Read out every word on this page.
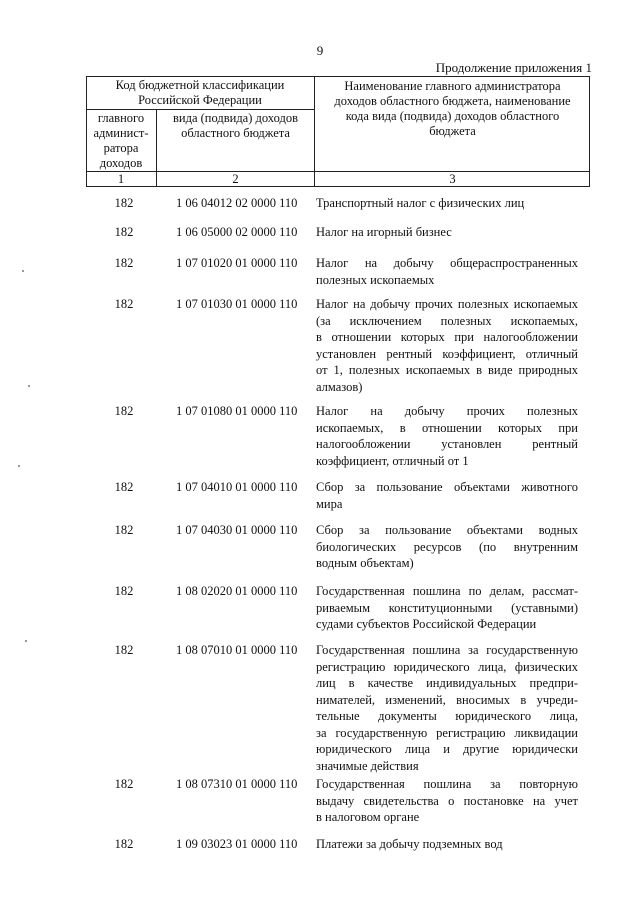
9
Продолжение приложения 1
Код бюджетной классификации
Российской Федерации
главного
админист-
ратора
доходов
вида (подвида) доходов
областного бюджета
Наименование главного администратора
доходов областного бюджета, наименование
кода вида (подвида) доходов областного
бюджета
1	2	3
182	1 06 04012 02 0000 110	Транспортный налог с физических лиц
182	1 06 05000 02 0000 110	Налог на игорный бизнес
182	1 07 01020 01 0000 110	Налог на добычу общераспространенных
полезных ископаемых
182	1 07 01030 01 0000 110	Налог на добычу прочих полезных ископаемых
(за исключением полезных ископаемых,
в отношении которых при налогообложении
установлен рентный коэффициент, отличный
от 1, полезных ископаемых в виде природных
алмазов)
182	1 07 01080 01 0000 110	Налог на добычу прочих полезных
ископаемых, в отношении которых при
налогообложении установлен рентный
коэффициент, отличный от 1
182	1 07 04010 01 0000 110	Сбор за пользование объектами животного
мира
182	1 07 04030 01 0000 110	Сбор за пользование объектами водных
биологических ресурсов (по внутренним
водным объектам)
182	1 08 02020 01 0000 110	Государственная пошлина по делам, рассмат-
риваемым конституционными (уставными)
судами субъектов Российской Федерации
182	1 08 07010 01 0000 110	Государственная пошлина за государственную
регистрацию юридического лица, физических
лиц в качестве индивидуальных предпри-
нимателей, изменений, вносимых в учреди-
тельные документы юридического лица,
за государственную регистрацию ликвидации
юридического лица и другие юридически
значимые действия
182	1 08 07310 01 0000 110	Государственная пошлина за повторную
выдачу свидетельства о постановке на учет
в налоговом органе
182	1 09 03023 01 0000 110	Платежи за добычу подземных вод
